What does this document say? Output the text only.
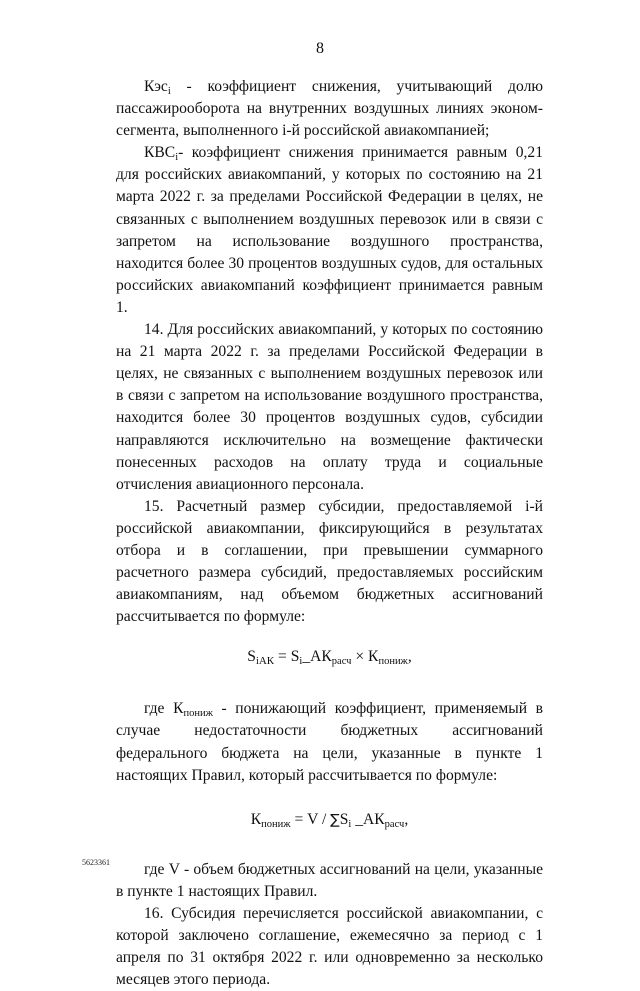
8

Кэс$_i$ - коэффициент снижения, учитывающий долю пассажирооборота на внутренних воздушных линиях эконом-сегмента, выполненного i-й российской авиакомпанией;

$КВС_i-$ коэффициент снижения принимается равным 0,21 для российских авиакомпаний, у которых по состоянию на 21 марта 2022 г. за пределами Российской Федерации в целях, не связанных с выполнением воздушных перевозок или в связи с запретом на использование воздушного пространства, находится более 30 процентов воздушных судов, для остальных российских авиакомпаний коэффициент принимается равным 1.

14. Для российских авиакомпаний, у которых по состоянию на 21 марта 2022 г. за пределами Российской Федерации в целях, не связанных с выполнением воздушных перевозок или в связи с запретом на использование воздушного пространства, находится более 30 процентов воздушных судов, субсидии направляются исключительно на возмещение фактически понесенных расходов на оплату труда и социальные отчисления авиационного персонала.

15. Расчетный размер субсидии, предоставляемой i-й российской авиакомпании, фиксирующийся в результатах отбора и в соглашении, при превышении суммарного расчетного размера субсидий, предоставляемых российским авиакомпаниям, над объемом бюджетных ассигнований рассчитывается по формуле:

$S_{iАК}$ = $S_i\_АК_{расч} \times К_{пониж}$,

где $К_{пониж}$ - понижающий коэффициент, применяемый в случае недостаточности бюджетных ассигнований федерального бюджета на цели, указанные в пункте 1 настоящих Правил, который рассчитывается по формуле:

$К_{пониж} = V / \sum S_i$ $\_АК_{расч}$,

где V - объем бюджетных ассигнований на цели, указанные в пункте 1 настоящих Правил.

16. Субсидия перечисляется российской авиакомпании, с которой заключено соглашение, ежемесячно за период с 1 апреля по 31 октября 2022 г. или одновременно за несколько месяцев этого периода.

5623361
